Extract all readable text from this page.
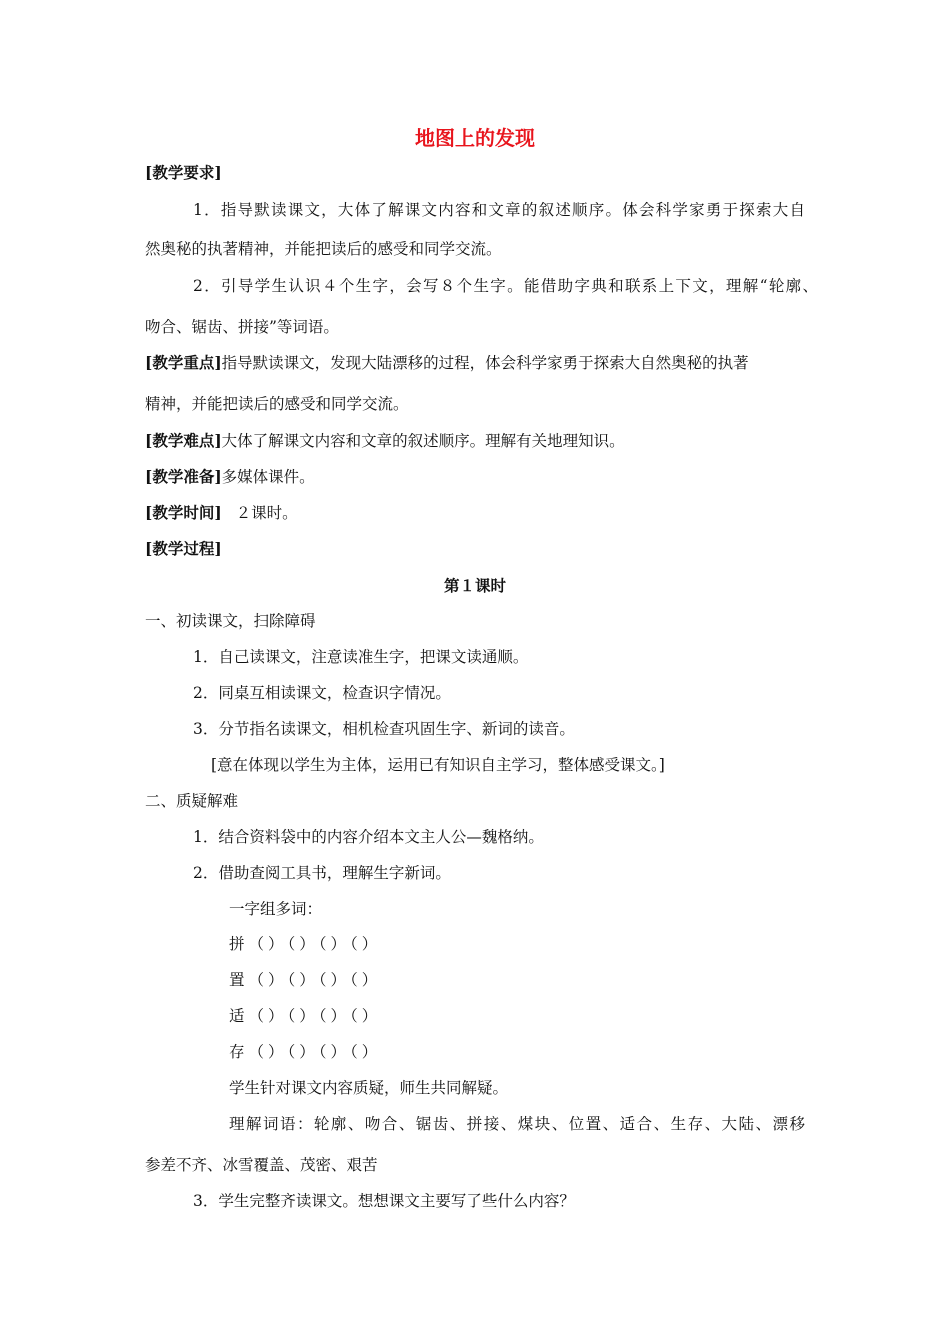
地图上的发现
[教学要求]
1．指导默读课文，大体了解课文内容和文章的叙述顺序。体会科学家勇于探索大自
然奥秘的执著精神，并能把读后的感受和同学交流。
2．引导学生认识４个生字，会写８个生字。能借助字典和联系上下文，理解“轮廓、
吻合、锯齿、拼接”等词语。
[教学重点]指导默读课文，发现大陆漂移的过程，体会科学家勇于探索大自然奥秘的执著
精神，并能把读后的感受和同学交流。
[教学难点]大体了解课文内容和文章的叙述顺序。理解有关地理知识。
[教学准备]多媒体课件。
[教学时间] ２课时。
[教学过程]
第１课时
一、初读课文，扫除障碍
1．自己读课文，注意读准生字，把课文读通顺。
2．同桌互相读课文，检查识字情况。
3．分节指名读课文，相机检查巩固生字、新词的读音。
[意在体现以学生为主体，运用已有知识自主学习，整体感受课文。]
二、质疑解难
1．结合资料袋中的内容介绍本文主人公—魏格纳。
2．借助查阅工具书，理解生字新词。
一字组多词：
拼（）（）（）（）
置（）（）（）（）
适（）（）（）（）
存（）（）（）（）
学生针对课文内容质疑，师生共同解疑。
理解词语：轮廓、吻合、锯齿、拼接、煤块、位置、适合、生存、大陆、漂移
参差不齐、冰雪覆盖、茂密、艰苦
3．学生完整齐读课文。想想课文主要写了些什么内容？
